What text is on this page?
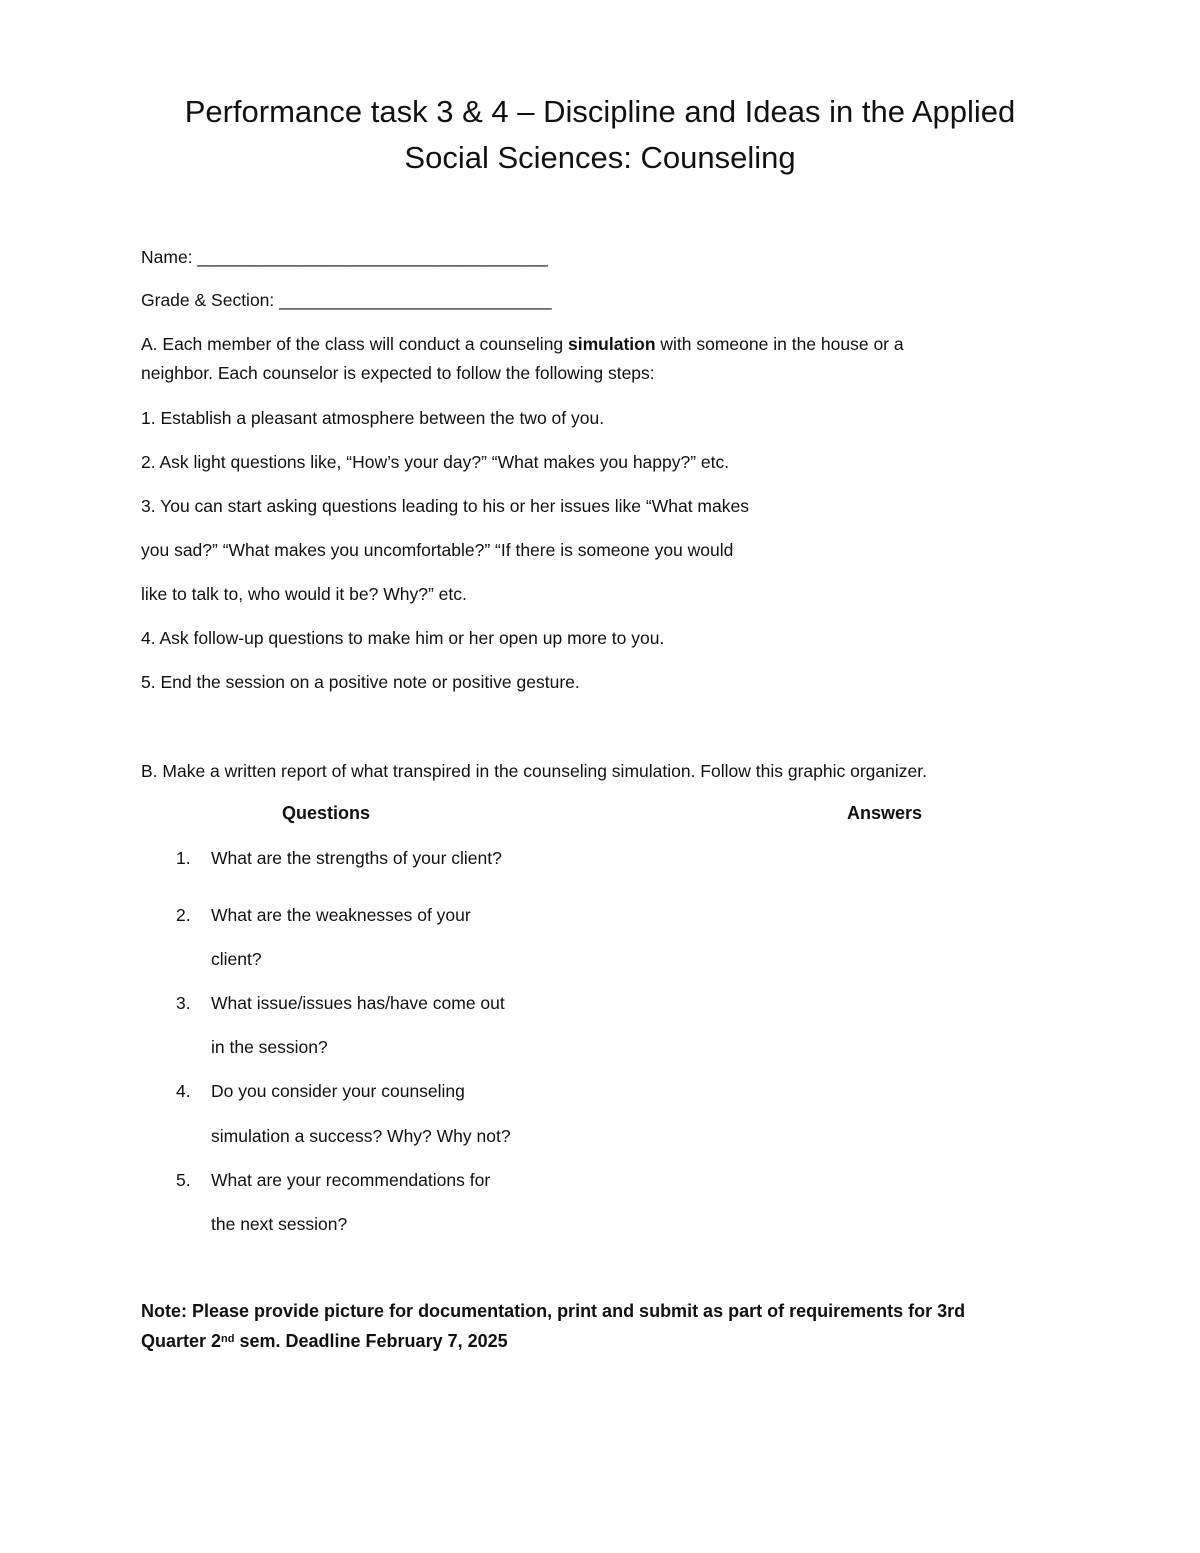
Performance task 3 & 4 – Discipline and Ideas in the Applied
Social Sciences: Counseling
Name: ____________________________________
Grade & Section: ____________________________
A. Each member of the class will conduct a counseling simulation with someone in the house or a
neighbor. Each counselor is expected to follow the following steps:
1. Establish a pleasant atmosphere between the two of you.
2. Ask light questions like, “How’s your day?” “What makes you happy?” etc.
3. You can start asking questions leading to his or her issues like “What makes
you sad?” “What makes you uncomfortable?” “If there is someone you would
like to talk to, who would it be? Why?” etc.
4. Ask follow-up questions to make him or her open up more to you.
5. End the session on a positive note or positive gesture.
B. Make a written report of what transpired in the counseling simulation. Follow this graphic organizer.
Questions	Answers
1. What are the strengths of your client?
2. What are the weaknesses of your
client?
3. What issue/issues has/have come out
in the session?
4. Do you consider your counseling
simulation a success? Why? Why not?
5. What are your recommendations for
the next session?
Note: Please provide picture for documentation, print and submit as part of requirements for 3rd
Quarter 2nd sem. Deadline February 7, 2025
